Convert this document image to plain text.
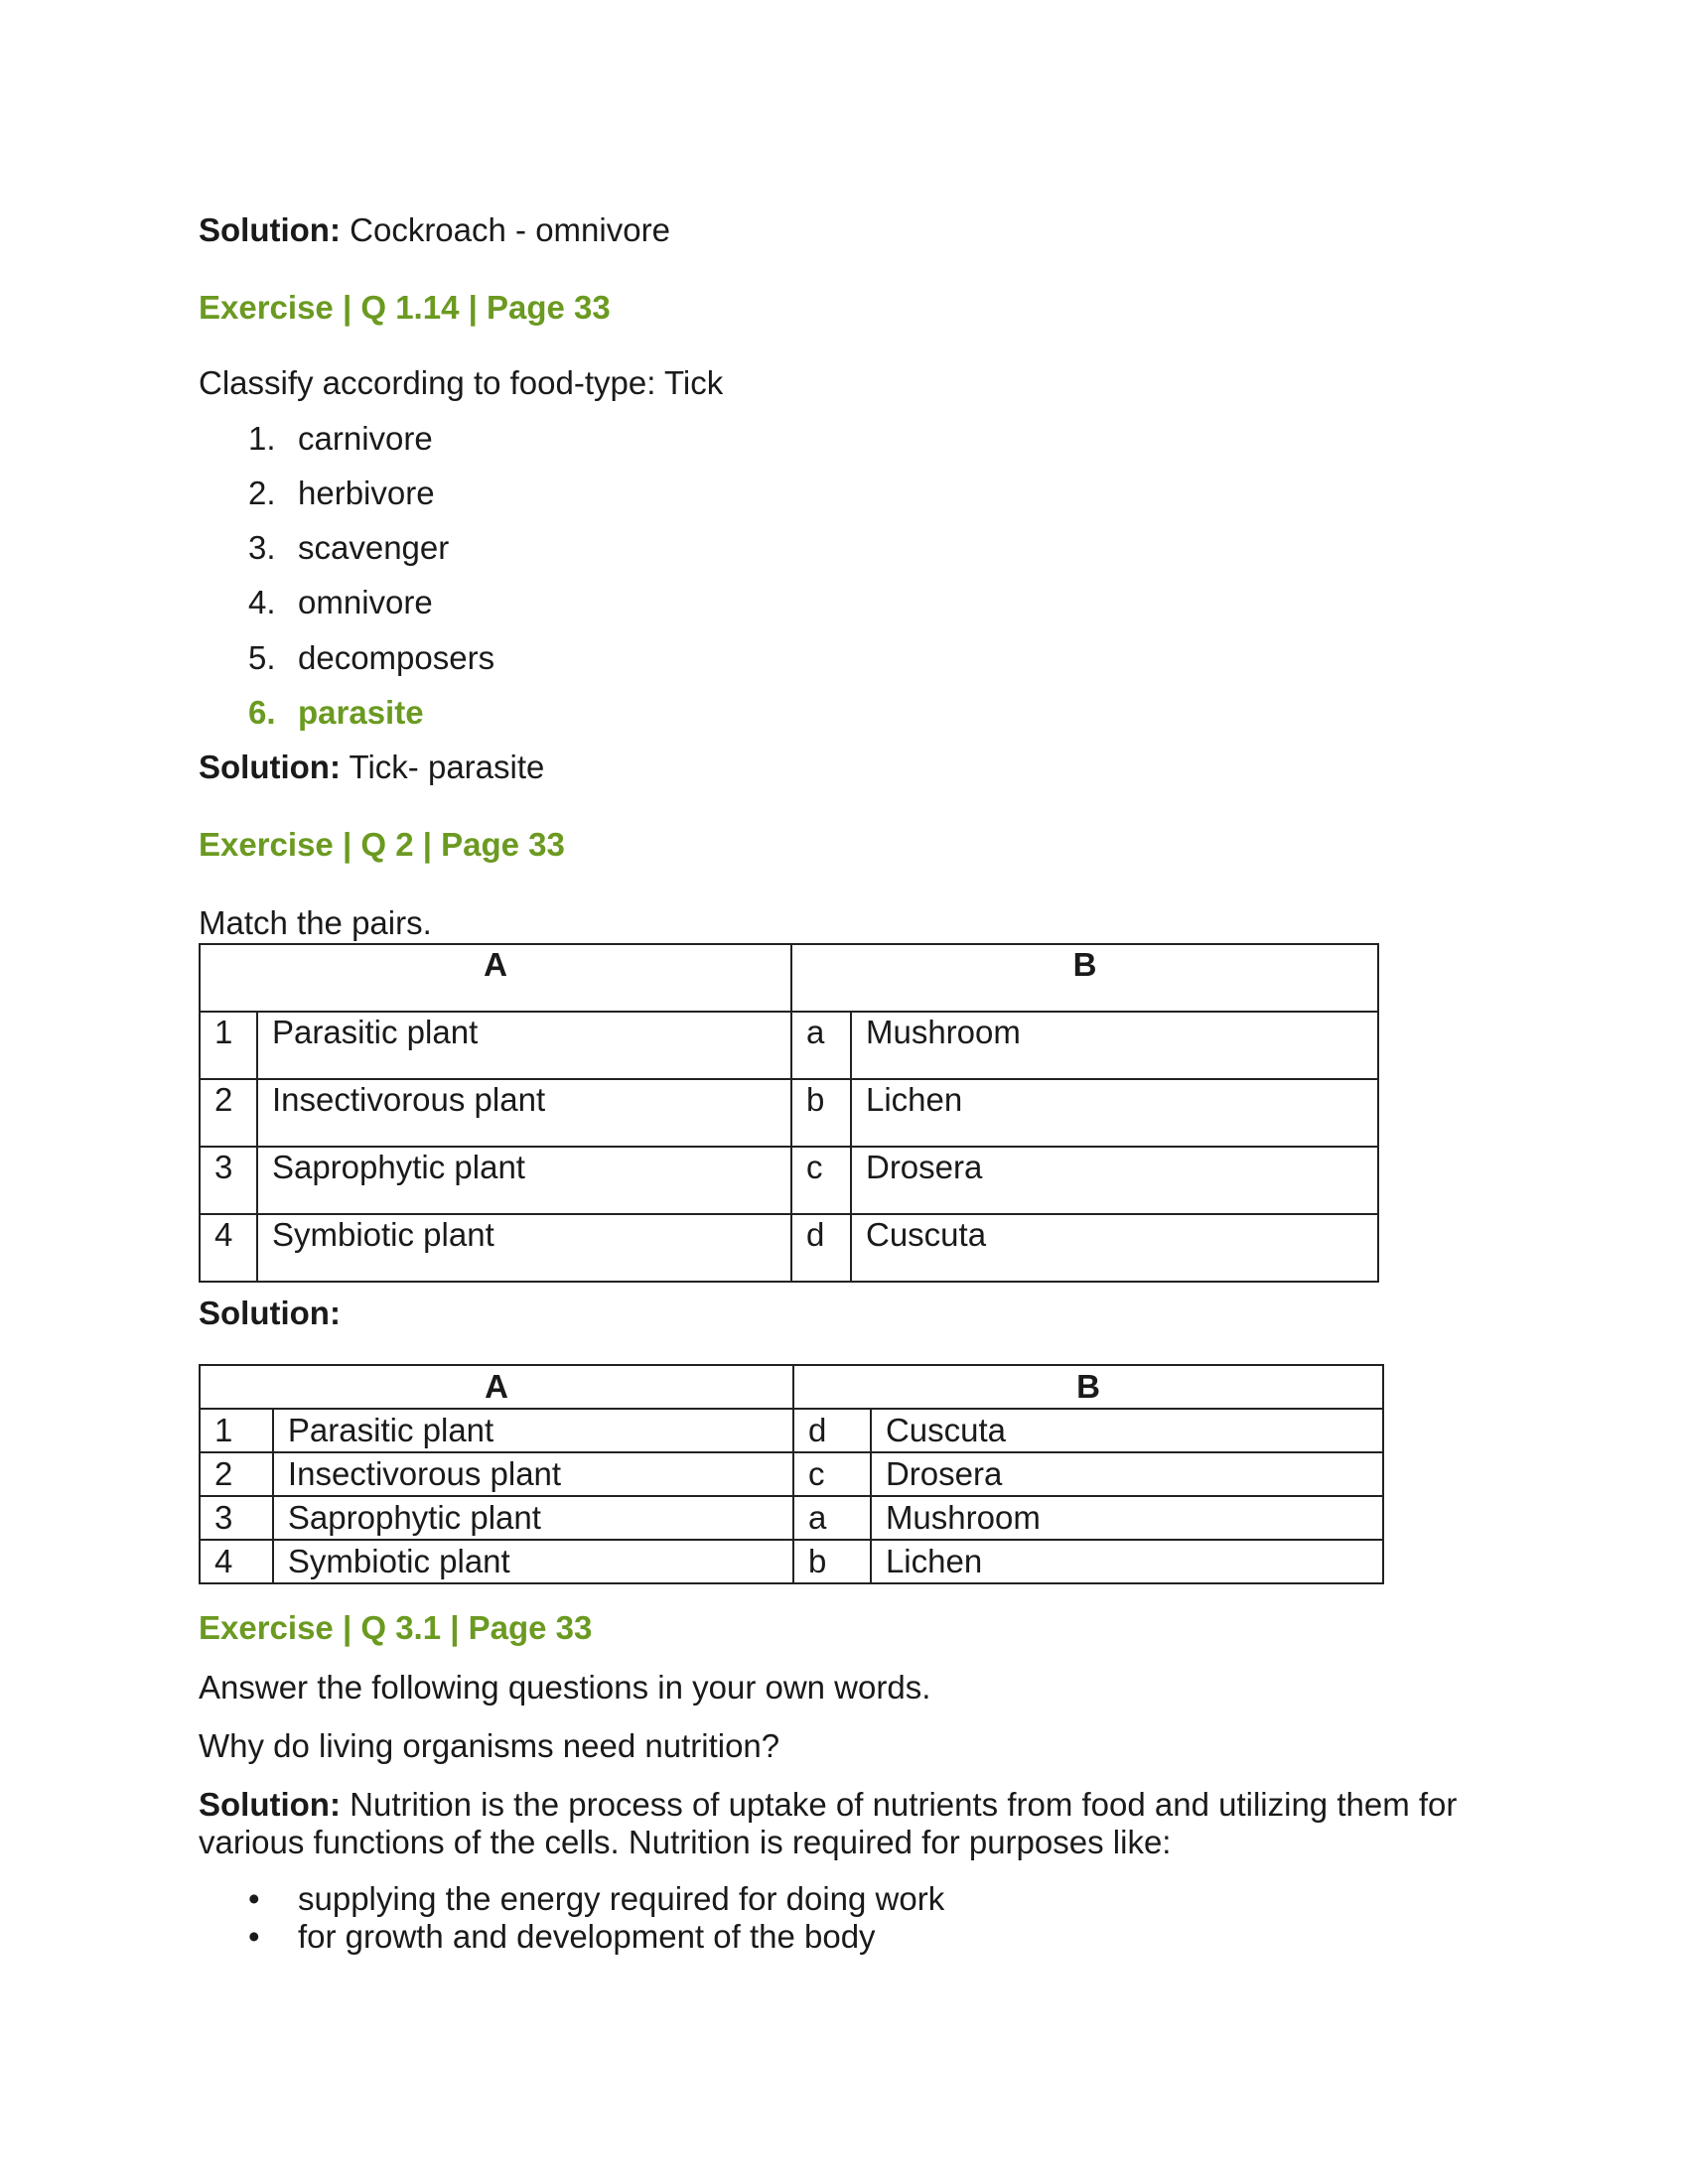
Solution: Cockroach - omnivore
Exercise | Q 1.14 | Page 33
Classify according to food-type: Tick
1. carnivore
2. herbivore
3. scavenger
4. omnivore
5. decomposers
6. parasite
Solution: Tick- parasite
Exercise | Q 2 | Page 33
Match the pairs.
A		B	
1	Parasitic plant	a	Mushroom
2	Insectivorous plant	b	Lichen
3	Saprophytic plant	c	Drosera
4	Symbiotic plant	d	Cuscuta
Solution:
A		B	
1	Parasitic plant	d	Cuscuta
2	Insectivorous plant	c	Drosera
3	Saprophytic plant	a	Mushroom
4	Symbiotic plant	b	Lichen
Exercise | Q 3.1 | Page 33
Answer the following questions in your own words.
Why do living organisms need nutrition?
Solution: Nutrition is the process of uptake of nutrients from food and utilizing them for various functions of the cells. Nutrition is required for purposes like:
• supplying the energy required for doing work
• for growth and development of the body
